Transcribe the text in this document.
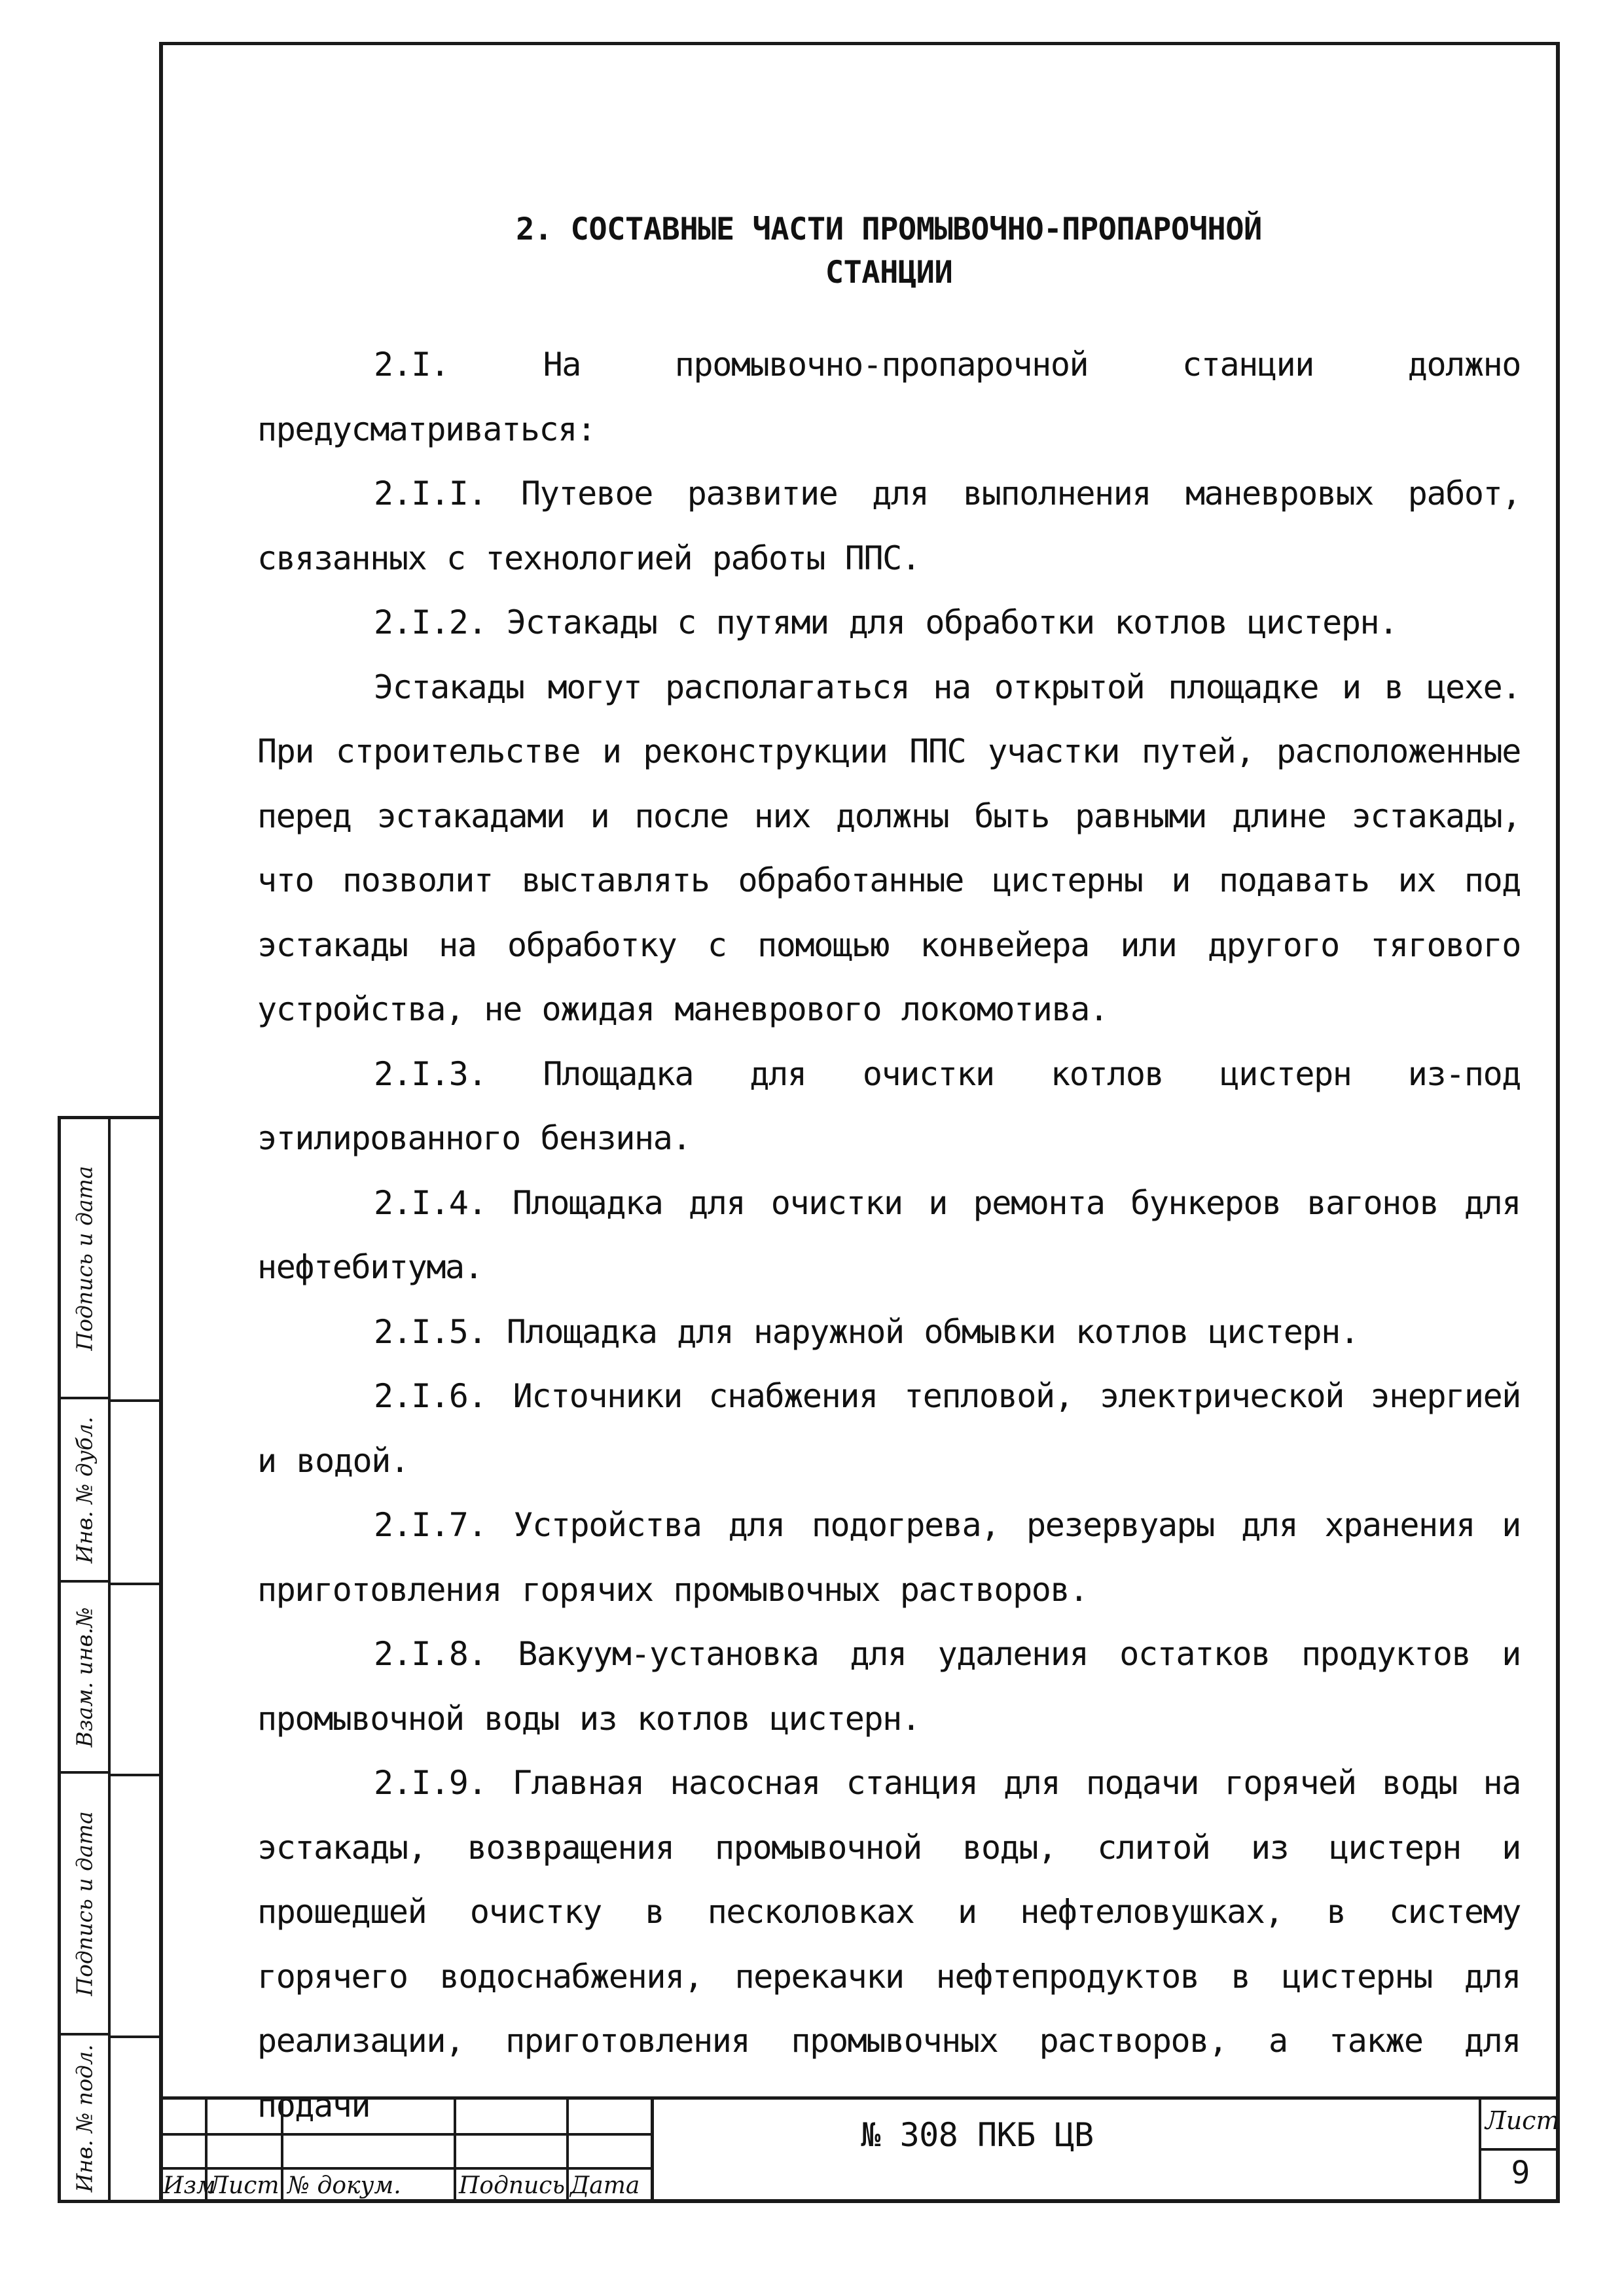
2. СОСТАВНЫЕ ЧАСТИ ПРОМЫВОЧНО-ПРОПАРОЧНОЙ
СТАНЦИИ

2.I. На промывочно-пропарочной станции должно предусматриваться:

2.I.I. Путевое развитие для выполнения маневровых работ, связанных с технологией работы ППС.

2.I.2. Эстакады с путями для обработки котлов цистерн.

Эстакады могут располагаться на открытой площадке и в цехе. При строительстве и реконструкции ППС участки путей, расположенные перед эстакадами и после них должны быть равными длине эстакады, что позволит выставлять обработанные цистерны и подавать их под эстакады на обработку с помощью конвейера или другого тягового устройства, не ожидая маневрового локомотива.

2.I.3. Площадка для очистки котлов цистерн из-под этилированного бензина.

2.I.4. Площадка для очистки и ремонта бункеров вагонов для нефтебитума.

2.I.5. Площадка для наружной обмывки котлов цистерн.

2.I.6. Источники снабжения тепловой, электрической энергией и водой.

2.I.7. Устройства для подогрева, резервуары для хранения и приготовления горячих промывочных растворов.

2.I.8. Вакуум-установка для удаления остатков продуктов и промывочной воды из котлов цистерн.

2.I.9. Главная насосная станция для подачи горячей воды на эстакады, возвращения промывочной воды, слитой из цистерн и прошедшей очистку в песколовках и нефтеловушках, в систему горячего водоснабжения, перекачки нефтепродуктов в цистерны для реализации, приготовления промывочных растворов, а также для подачи

Подпись и дата
Инв. № дубл.
Взам. инв.№
Подпись и дата
Инв. № подл.	Изм
Лист № докум. Подпись Дата
№ 308 ПКБ ЦВ	Лист
9
